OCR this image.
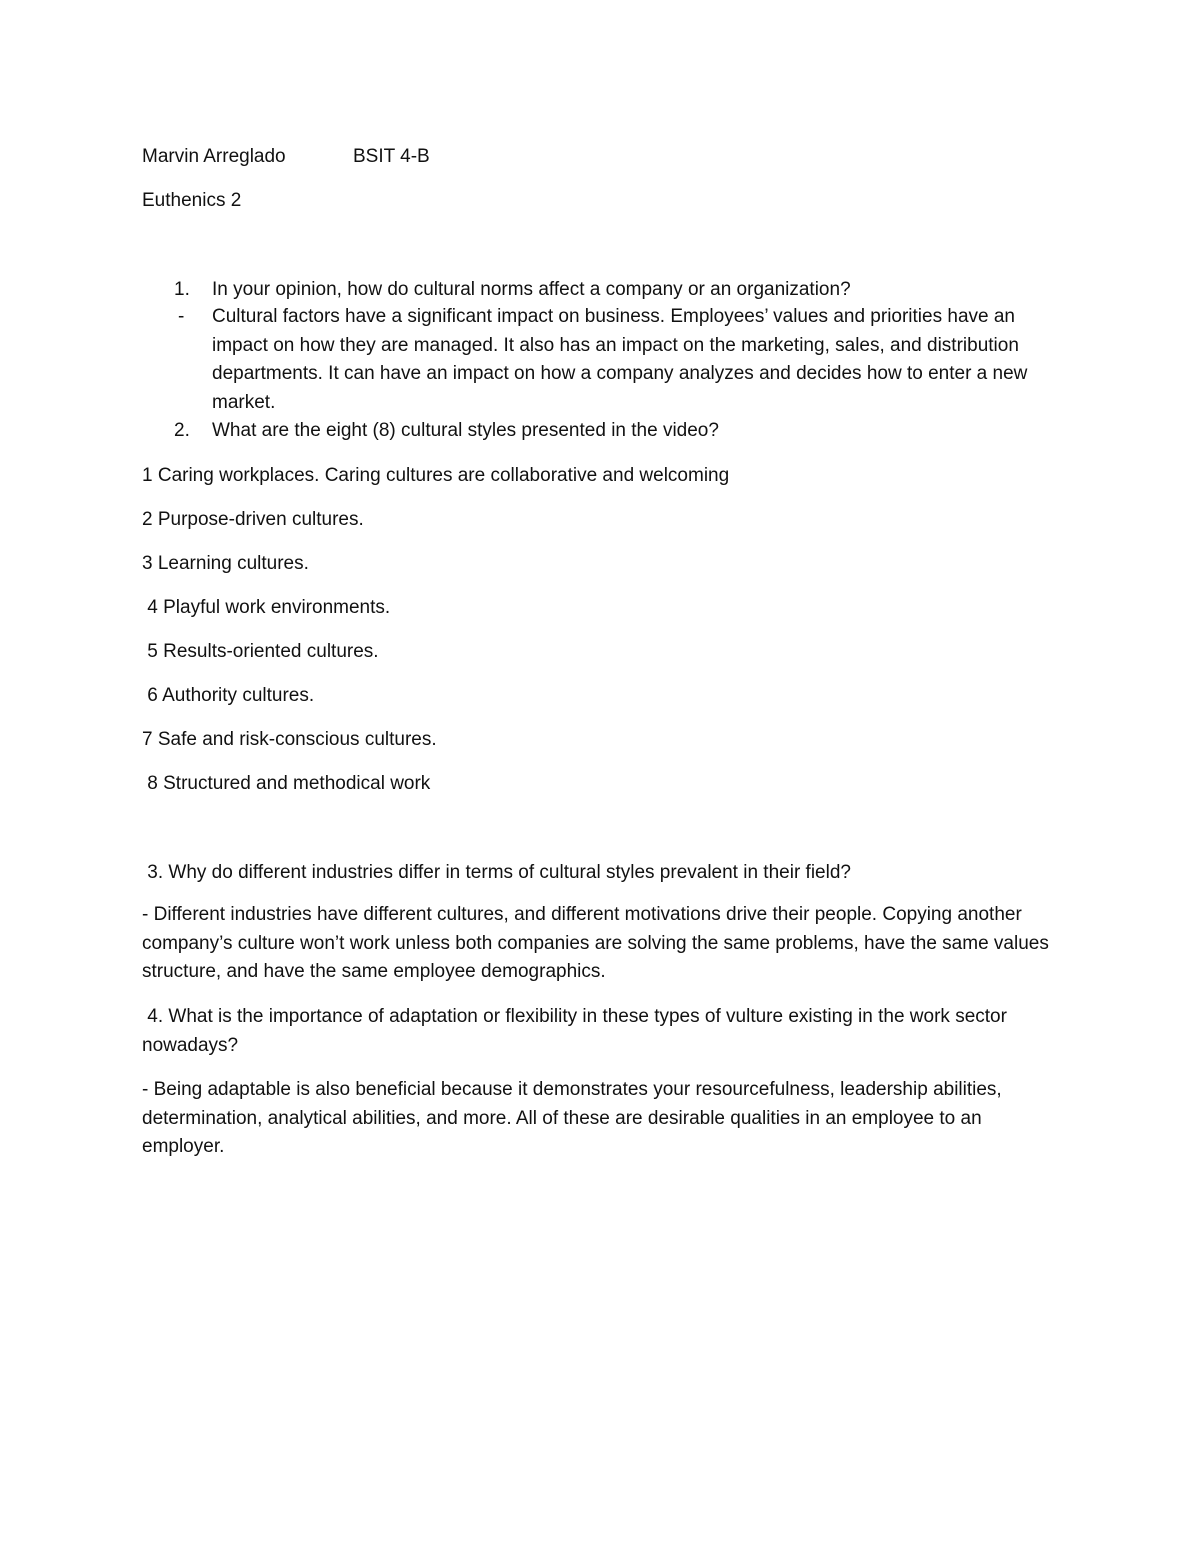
Marvin Arreglado	BSIT 4-B
Euthenics 2
1. In your opinion, how do cultural norms affect a company or an organization?
- Cultural factors have a significant impact on business. Employees’ values and priorities have an impact on how they are managed. It also has an impact on the marketing, sales, and distribution departments. It can have an impact on how a company analyzes and decides how to enter a new market.
2. What are the eight (8) cultural styles presented in the video?
1 Caring workplaces. Caring cultures are collaborative and welcoming
2 Purpose-driven cultures.
3 Learning cultures.
4 Playful work environments.
5 Results-oriented cultures.
6 Authority cultures.
7 Safe and risk-conscious cultures.
8 Structured and methodical work
3. Why do different industries differ in terms of cultural styles prevalent in their field?
- Different industries have different cultures, and different motivations drive their people. Copying another company’s culture won’t work unless both companies are solving the same problems, have the same values structure, and have the same employee demographics.
4. What is the importance of adaptation or flexibility in these types of vulture existing in the work sector nowadays?
- Being adaptable is also beneficial because it demonstrates your resourcefulness, leadership abilities, determination, analytical abilities, and more. All of these are desirable qualities in an employee to an employer.
